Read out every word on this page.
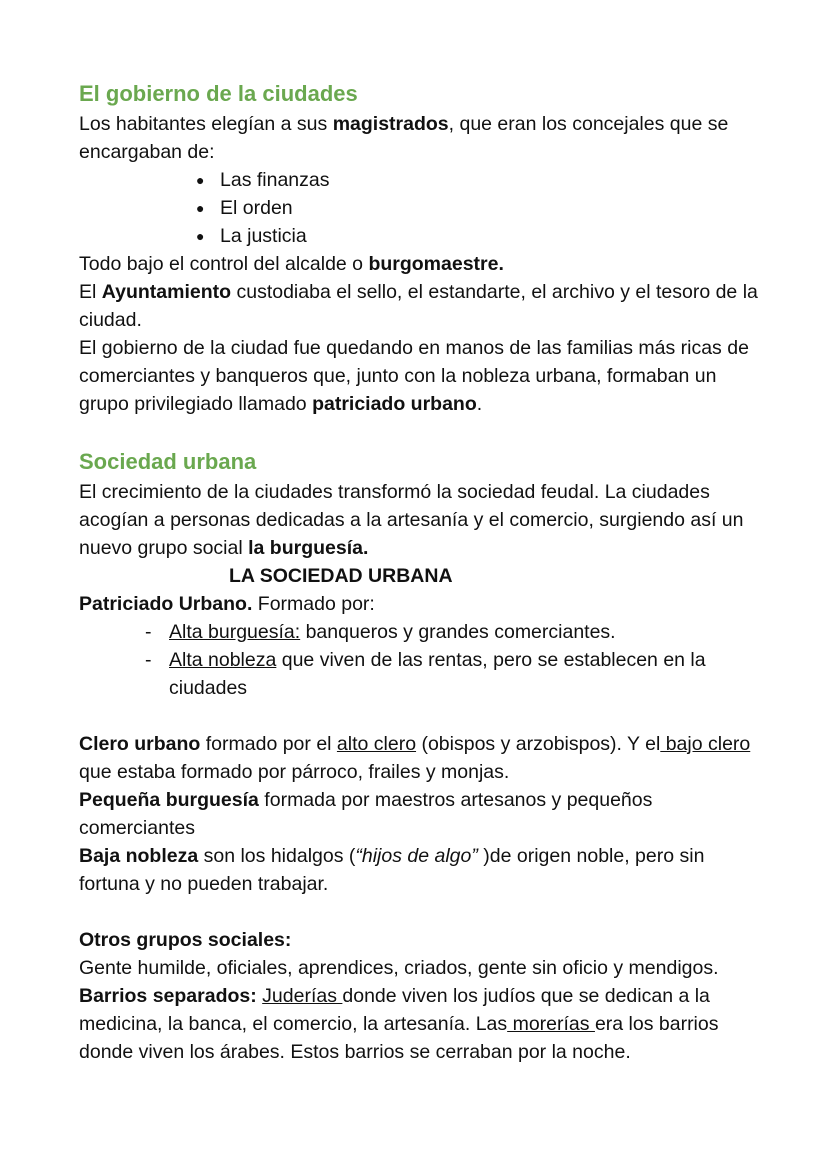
El gobierno de la ciudades

Los habitantes elegían a sus magistrados, que eran los concejales que se encargaban de:

● Las finanzas
● El orden
● La justicia

Todo bajo el control del alcalde o burgomaestre.

El Ayuntamiento custodiaba el sello, el estandarte, el archivo y el tesoro de la ciudad.

El gobierno de la ciudad fue quedando en manos de las familias más ricas de comerciantes y banqueros que, junto con la nobleza urbana, formaban un grupo privilegiado llamado patriciado urbano.

Sociedad urbana

El crecimiento de la ciudades transformó la sociedad feudal. La ciudades acogían a personas dedicadas a la artesanía y el comercio, surgiendo así un nuevo grupo social la burguesía.

LA SOCIEDAD URBANA

Patriciado Urbano. Formado por:

- Alta burguesía: banqueros y grandes comerciantes.
- Alta nobleza que viven de las rentas, pero se establecen en la ciudades

Clero urbano formado por el alto clero (obispos y arzobispos). Y el bajo clero que estaba formado por párroco, frailes y monjas.

Pequeña burguesía formada por maestros artesanos y pequeños comerciantes

Baja nobleza son los hidalgos (“hijos de algo” )de origen noble, pero sin fortuna y no pueden trabajar.

Otros grupos sociales:

Gente humilde, oficiales, aprendices, criados, gente sin oficio y mendigos.

Barrios separados: Juderías donde viven los judíos que se dedican a la medicina, la banca, el comercio, la artesanía. Las morerías era los barrios donde viven los árabes. Estos barrios se cerraban por la noche.
